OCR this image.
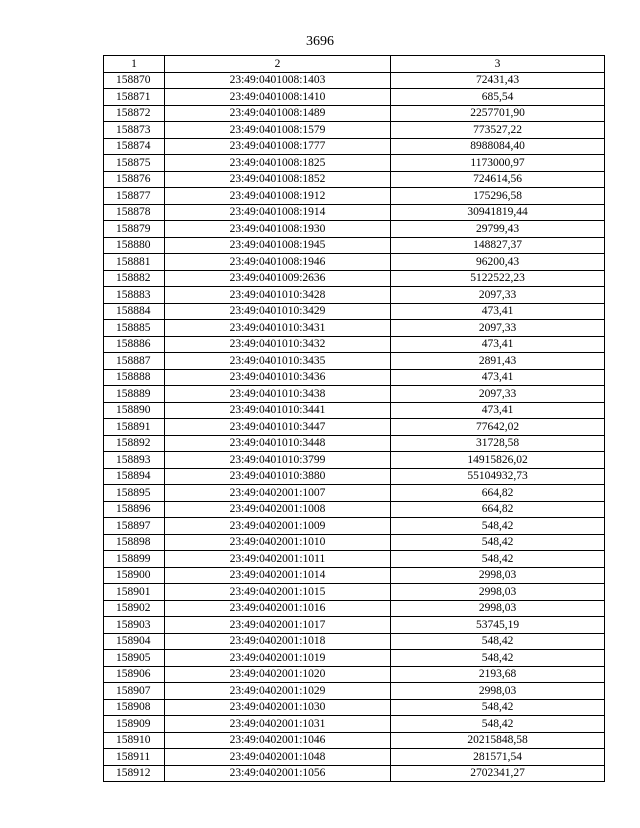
3696
1	2	3
158870	23:49:0401008:1403	72431,43
158871	23:49:0401008:1410	685,54
158872	23:49:0401008:1489	2257701,90
158873	23:49:0401008:1579	773527,22
158874	23:49:0401008:1777	8988084,40
158875	23:49:0401008:1825	1173000,97
158876	23:49:0401008:1852	724614,56
158877	23:49:0401008:1912	175296,58
158878	23:49:0401008:1914	30941819,44
158879	23:49:0401008:1930	29799,43
158880	23:49:0401008:1945	148827,37
158881	23:49:0401008:1946	96200,43
158882	23:49:0401009:2636	5122522,23
158883	23:49:0401010:3428	2097,33
158884	23:49:0401010:3429	473,41
158885	23:49:0401010:3431	2097,33
158886	23:49:0401010:3432	473,41
158887	23:49:0401010:3435	2891,43
158888	23:49:0401010:3436	473,41
158889	23:49:0401010:3438	2097,33
158890	23:49:0401010:3441	473,41
158891	23:49:0401010:3447	77642,02
158892	23:49:0401010:3448	31728,58
158893	23:49:0401010:3799	14915826,02
158894	23:49:0401010:3880	55104932,73
158895	23:49:0402001:1007	664,82
158896	23:49:0402001:1008	664,82
158897	23:49:0402001:1009	548,42
158898	23:49:0402001:1010	548,42
158899	23:49:0402001:1011	548,42
158900	23:49:0402001:1014	2998,03
158901	23:49:0402001:1015	2998,03
158902	23:49:0402001:1016	2998,03
158903	23:49:0402001:1017	53745,19
158904	23:49:0402001:1018	548,42
158905	23:49:0402001:1019	548,42
158906	23:49:0402001:1020	2193,68
158907	23:49:0402001:1029	2998,03
158908	23:49:0402001:1030	548,42
158909	23:49:0402001:1031	548,42
158910	23:49:0402001:1046	20215848,58
158911	23:49:0402001:1048	281571,54
158912	23:49:0402001:1056	2702341,27
